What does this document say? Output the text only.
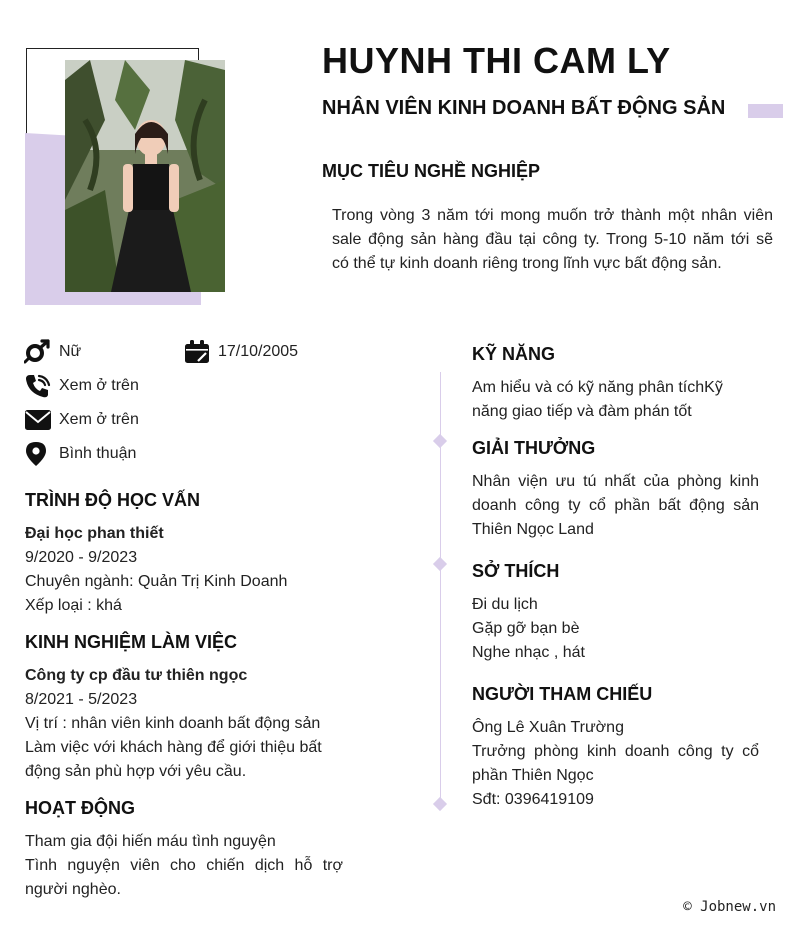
HUYNH THI CAM LY
NHÂN VIÊN KINH DOANH BẤT ĐỘNG SẢN
MỤC TIÊU NGHỀ NGHIỆP
Trong vòng 3 năm tới mong muốn trở thành một nhân viên
sale động sản hàng đầu tại công ty. Trong 5-10 năm tới sẽ
có thể tự kinh doanh riêng trong lĩnh vực bất động sản.
Nữ	17/10/2005
Xem ở trên
Xem ở trên
Bình thuận
TRÌNH ĐỘ HỌC VẤN
Đại học phan thiết
9/2020 - 9/2023
Chuyên ngành: Quản Trị Kinh Doanh
Xếp loại : khá
KINH NGHIỆM LÀM VIỆC
Công ty cp đầu tư thiên ngọc
8/2021 - 5/2023
Vị trí : nhân viên kinh doanh bất động sản
Làm việc với khách hàng để giới thiệu bất
động sản phù hợp với yêu cầu.
HOẠT ĐỘNG
Tham gia đội hiến máu tình nguyện
Tình nguyện viên cho chiến dịch hỗ trợ
người nghèo.
KỸ NĂNG
Am hiểu và có kỹ năng phân tíchKỹ
năng giao tiếp và đàm phán tốt
GIẢI THƯỞNG
Nhân viện ưu tú nhất của phòng kinh
doanh công ty cổ phần bất động sản
Thiên Ngọc Land
SỞ THÍCH
Đi du lịch
Gặp gỡ bạn bè
Nghe nhạc , hát
NGƯỜI THAM CHIẾU
Ông Lê Xuân Trường
Trưởng phòng kinh doanh công ty cổ
phần Thiên Ngọc
Sđt: 0396419109
© Jobnew.vn
